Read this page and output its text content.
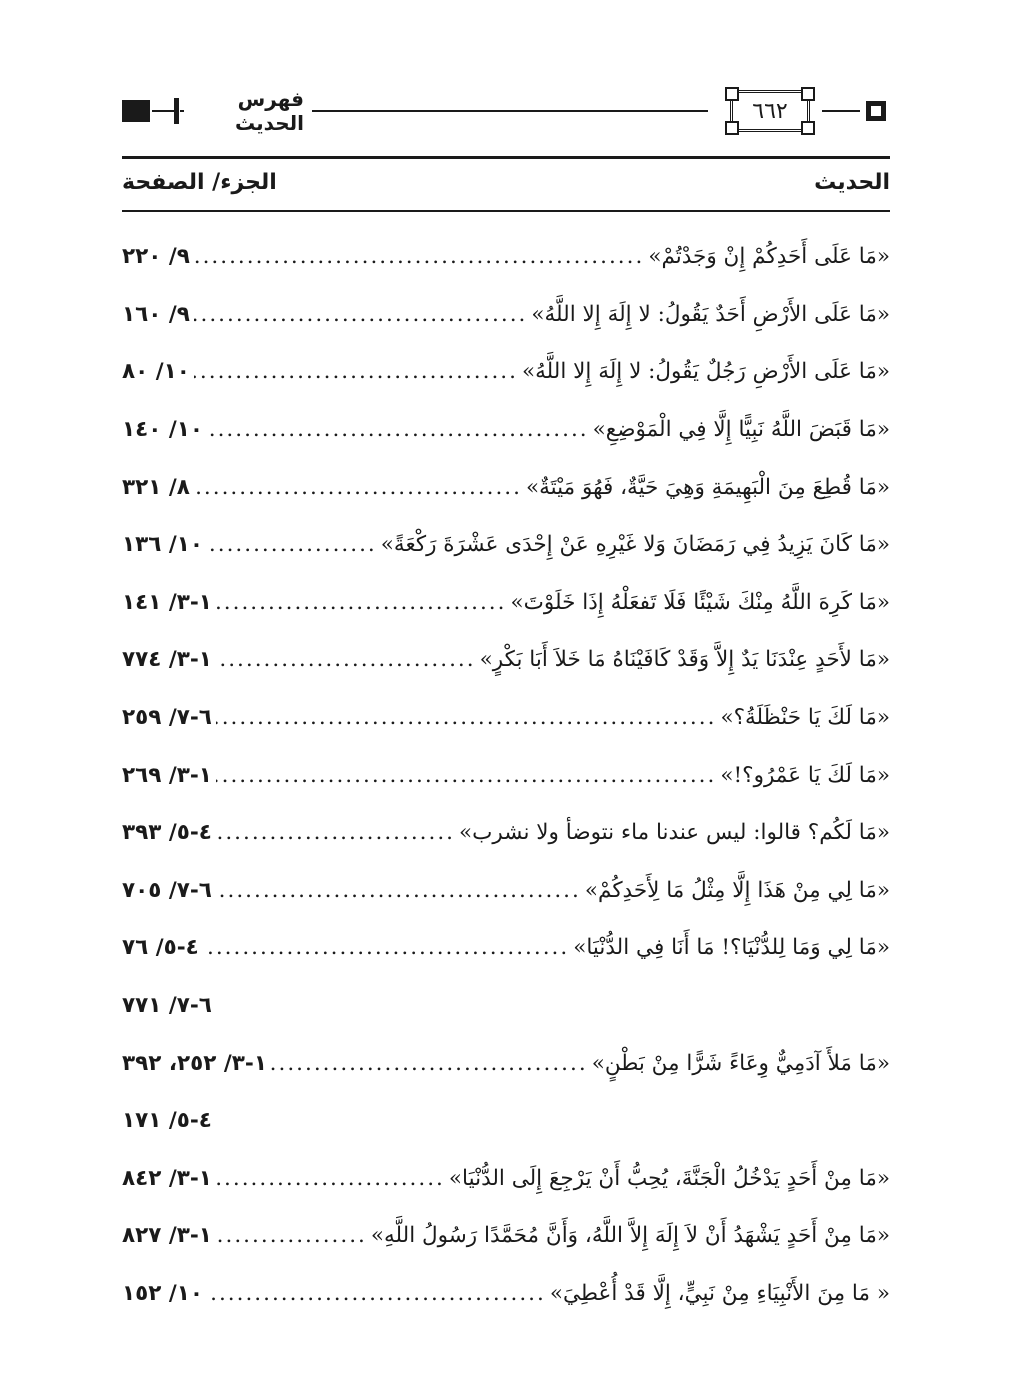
٦٦٢
فهرس الحديث
الحديث
الجزء/ الصفحة
«مَا عَلَى أَحَدِكُمْ إِنْ وَجَدْتُمْ»
.....
٩/ ٢٢٠
«مَا عَلَى الأَرْضِ أَحَدٌ يَقُولُ: لا إِلَهَ إِلا اللَّهُ»
.....
٩/ ١٦٠
«مَا عَلَى الأَرْضِ رَجُلٌ يَقُولُ: لا إِلَهَ إِلا اللَّهُ»
.....
١٠/ ٨٠
«مَا قَبَضَ اللَّهُ نَبِيًّا إِلَّا فِي الْمَوْضِعِ»
.....
١٠/ ١٤٠
«مَا قُطِعَ مِنَ الْبَهِيمَةِ وَهِيَ حَيَّةٌ، فَهُوَ مَيْتَةٌ»
.....
٨/ ٣٢١
«مَا كَانَ يَزِيدُ فِي رَمَضَانَ وَلا غَيْرِهِ عَنْ إِحْدَى عَشْرَةَ رَكْعَةً»
.....
١٠/ ١٣٦
«مَا كَرِهَ اللَّهُ مِنْكَ شَيْئًا فَلَا تَفعَلْهُ إِذَا خَلَوْتَ»
.....
١-٣/ ١٤١
«مَا لأَحَدٍ عِنْدَنَا يَدٌ إِلاَّ وَقَدْ كَافَيْنَاهُ مَا خَلاَ أَبَا بَكْرٍ»
.....
١-٣/ ٧٧٤
«مَا لَكَ يَا حَنْظَلَةُ؟»
.....
٦-٧/ ٢٥٩
«مَا لَكَ يَا عَمْرُو؟!»
.....
١-٣/ ٢٦٩
«مَا لَكُم؟ قالوا: ليس عندنا ماء نتوضأ ولا نشرب»
.....
٤-٥/ ٣٩٣
«مَا لِي مِنْ هَذَا إِلَّا مِثْلُ مَا لِأَحَدِكُمْ»
.....
٦-٧/ ٧٠٥
«مَا لِي وَمَا لِلدُّنْيَا؟! مَا أَنَا فِي الدُّنْيَا»
.....
٤-٥/ ٧٦
٦-٧/ ٧٧١
«مَا مَلأَ آدَمِيٌّ وِعَاءً شَرًّا مِنْ بَطْنٍ»
.....
١-٣/ ٢٥٢، ٣٩٢
٤-٥/ ١٧١
«مَا مِنْ أَحَدٍ يَدْخُلُ الْجَنَّةَ، يُحِبُّ أَنْ يَرْجِعَ إِلَى الدُّنْيَا»
.....
١-٣/ ٨٤٢
«مَا مِنْ أَحَدٍ يَشْهَدُ أَنْ لاَ إِلَهَ إِلاَّ اللَّهُ، وَأَنَّ مُحَمَّدًا رَسُولُ اللَّهِ»
.....
١-٣/ ٨٢٧
« مَا مِنَ الأَنْبِيَاءِ مِنْ نَبِيٍّ، إِلَّا قَدْ أُعْطِيَ»
.....
١٠/ ١٥٢
